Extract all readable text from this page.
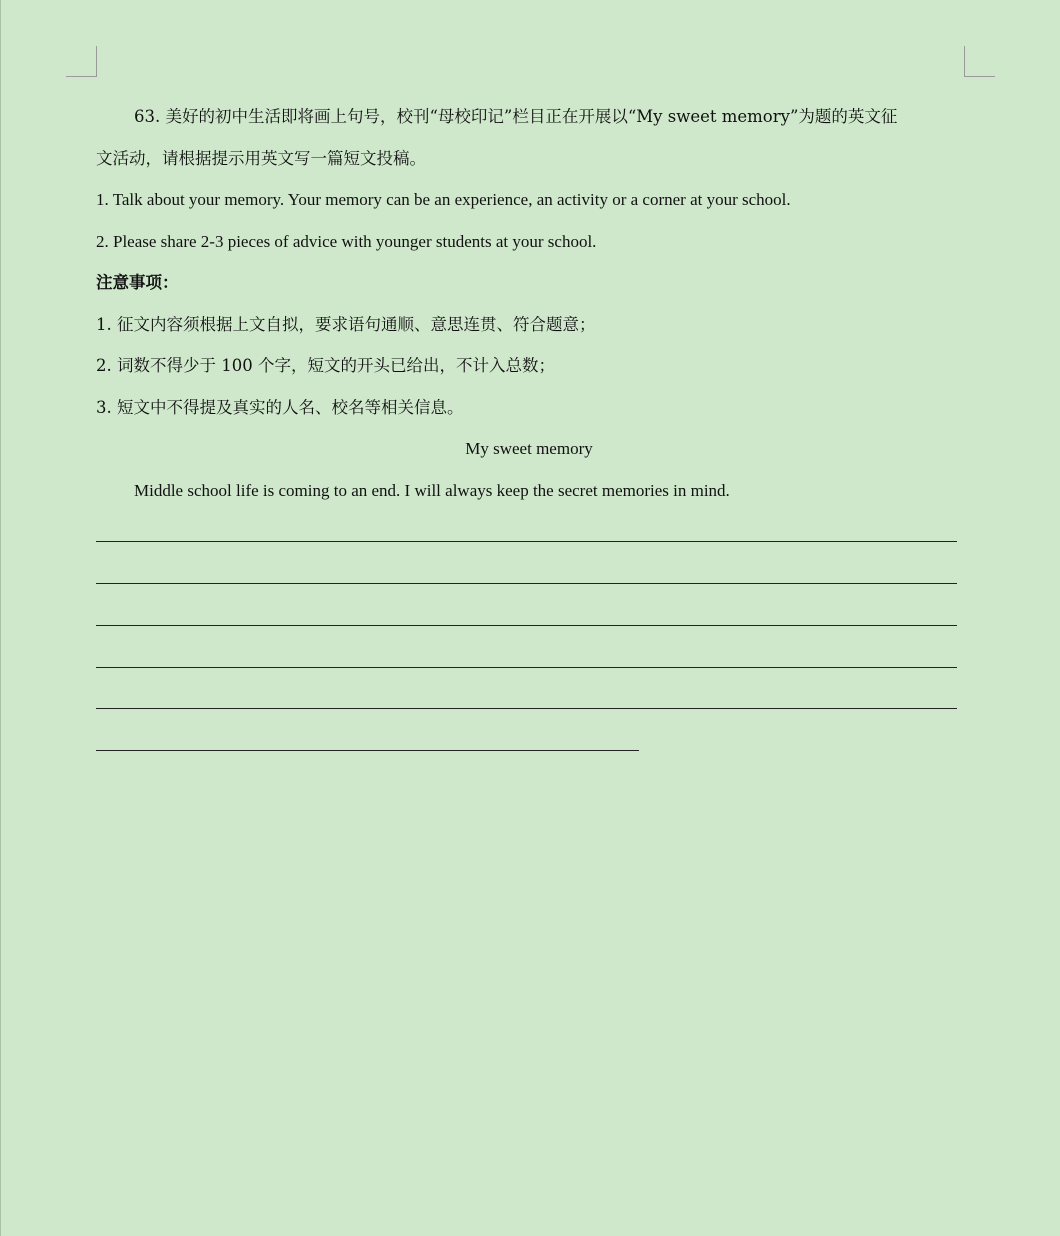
63. 美好的初中生活即将画上句号，校刊“母校印记”栏目正在开展以“My sweet memory”为题的英文征
文活动，请根据提示用英文写一篇短文投稿。
1. Talk about your memory. Your memory can be an experience, an activity or a corner at your school.
2. Please share 2-3 pieces of advice with younger students at your school.
注意事项：
1. 征文内容须根据上文自拟，要求语句通顺、意思连贯、符合题意；
2. 词数不得少于 100 个字，短文的开头已给出，不计入总数；
3. 短文中不得提及真实的人名、校名等相关信息。
My sweet memory
Middle school life is coming to an end. I will always keep the secret memories in mind.
